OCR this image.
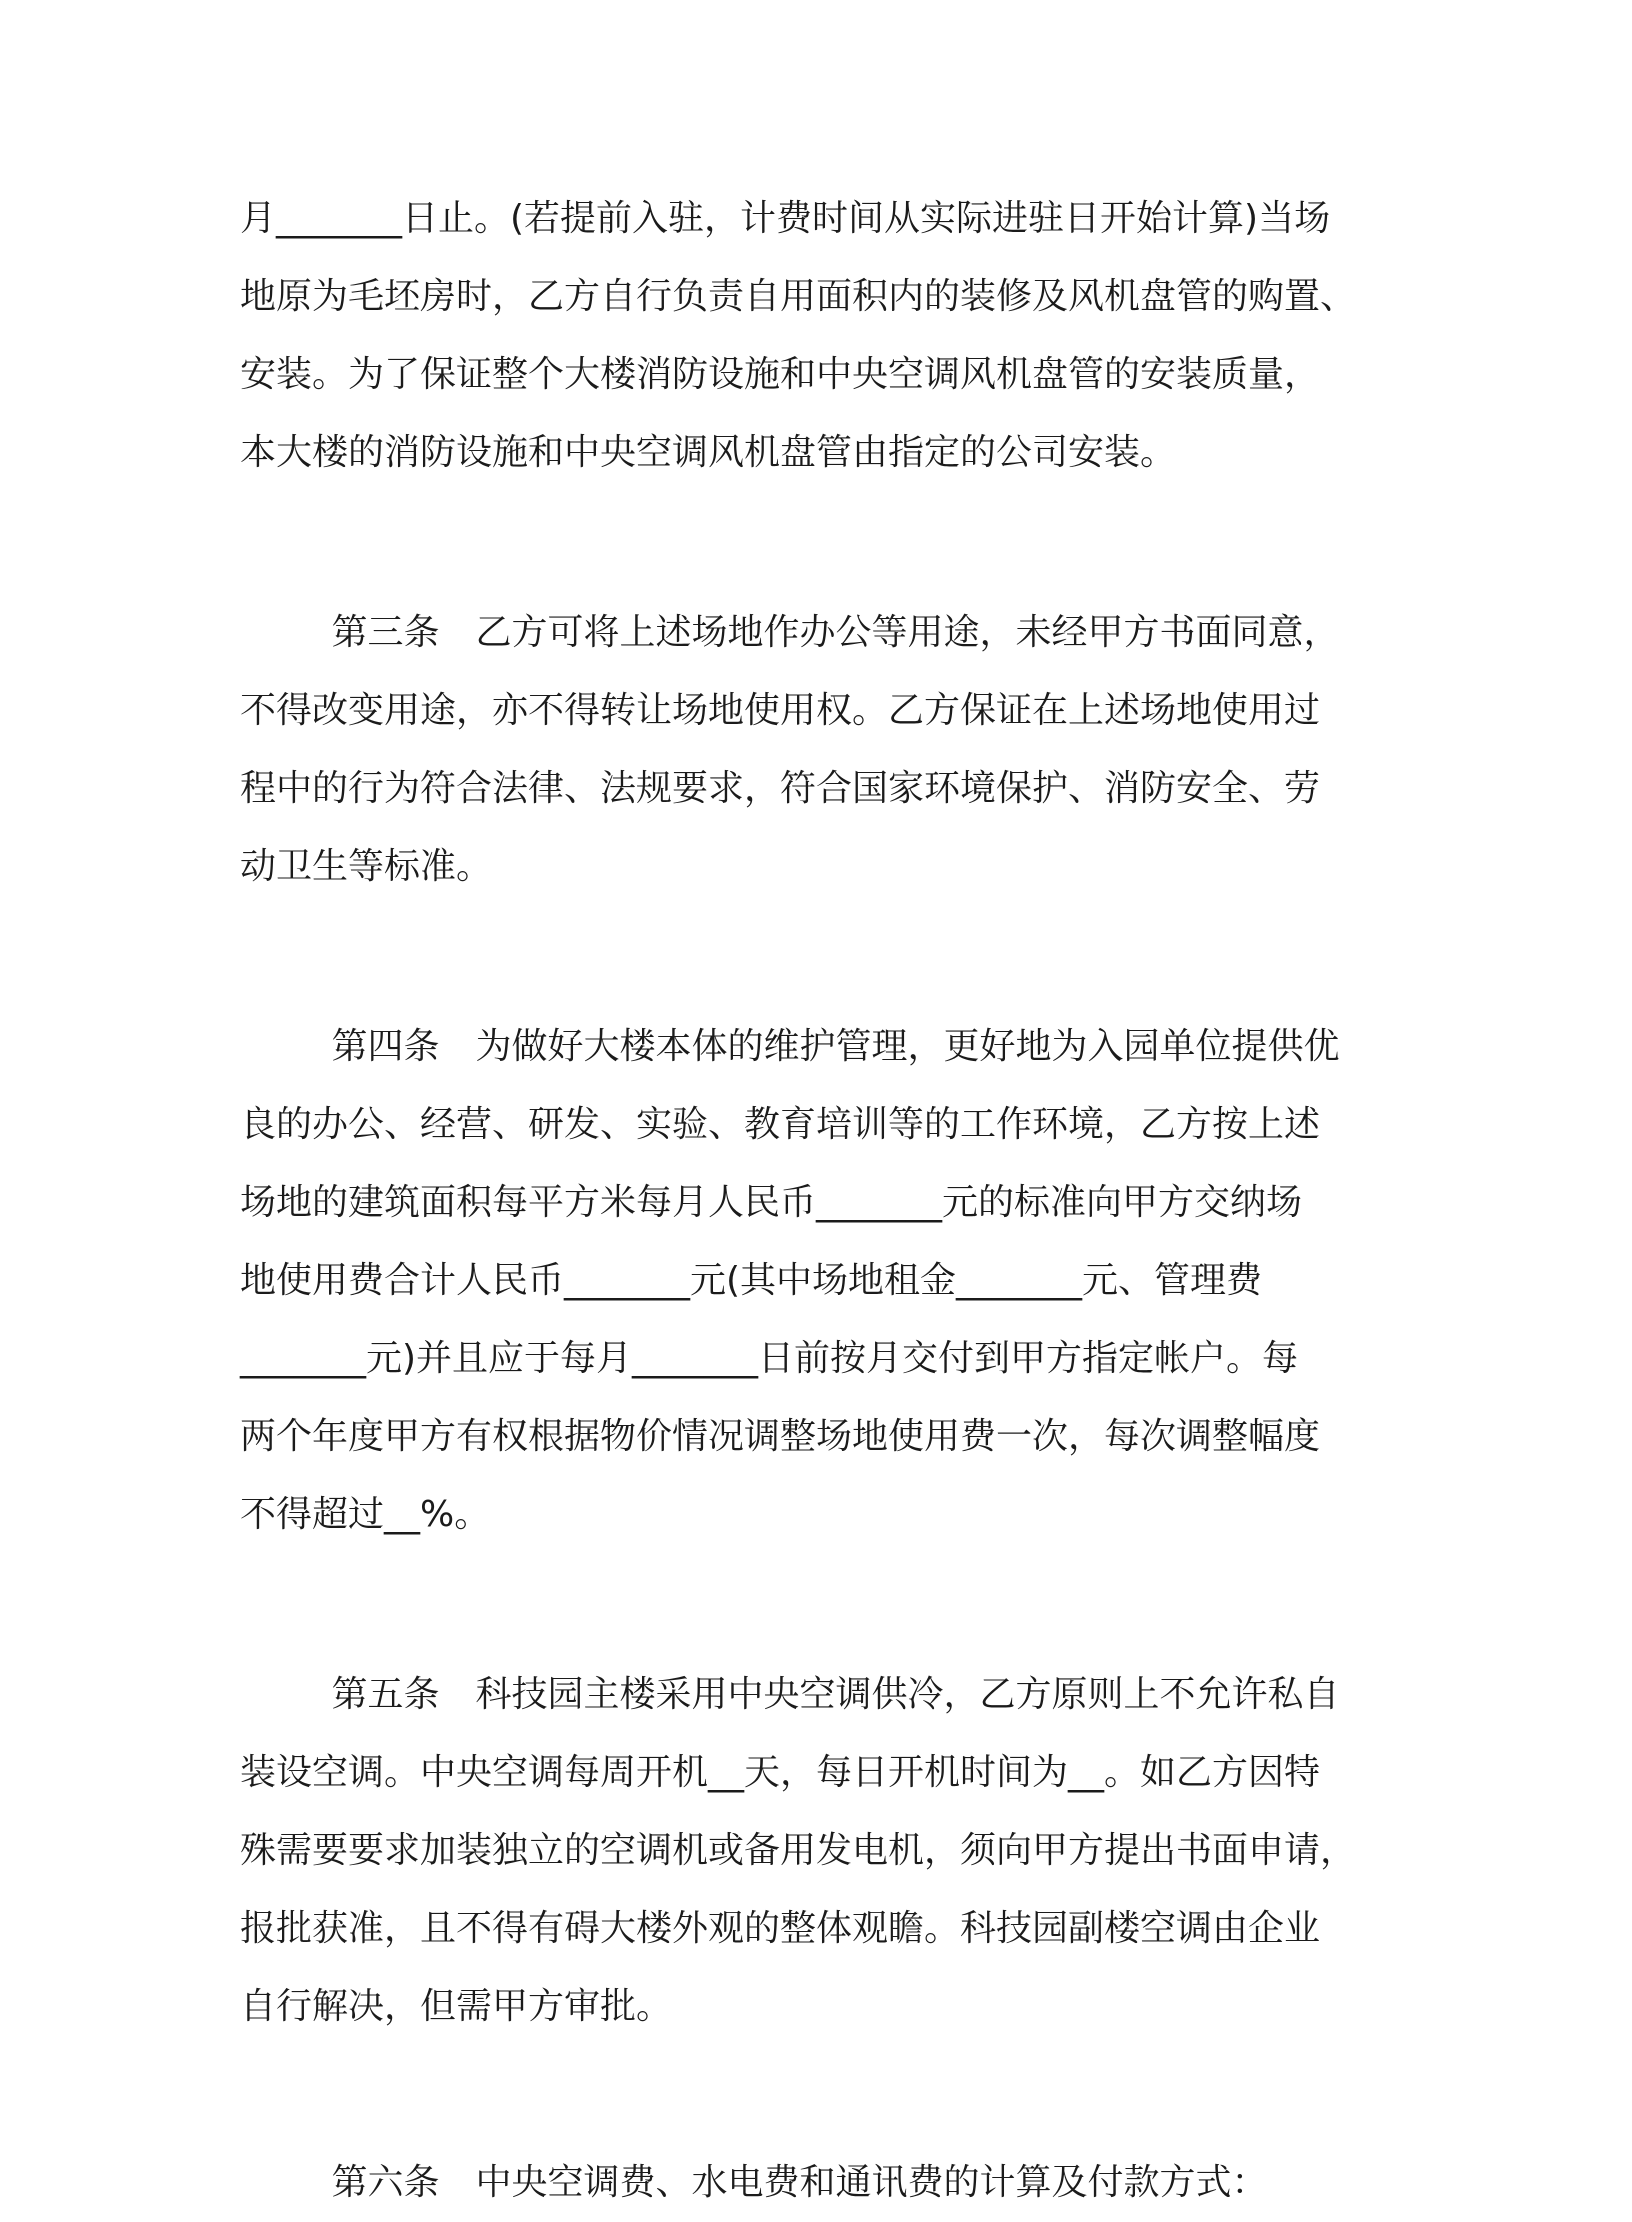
月_______日止。(若提前入驻，计费时间从实际进驻日开始计算)当场
地原为毛坯房时，乙方自行负责自用面积内的装修及风机盘管的购置、
安装。为了保证整个大楼消防设施和中央空调风机盘管的安装质量，
本大楼的消防设施和中央空调风机盘管由指定的公司安装。
第三条　乙方可将上述场地作办公等用途，未经甲方书面同意，
不得改变用途，亦不得转让场地使用权。乙方保证在上述场地使用过
程中的行为符合法律、法规要求，符合国家环境保护、消防安全、劳
动卫生等标准。
第四条　为做好大楼本体的维护管理，更好地为入园单位提供优
良的办公、经营、研发、实验、教育培训等的工作环境，乙方按上述
场地的建筑面积每平方米每月人民币_______元的标准向甲方交纳场
地使用费合计人民币_______元(其中场地租金_______元、管理费
_______元)并且应于每月_______日前按月交付到甲方指定帐户。每
两个年度甲方有权根据物价情况调整场地使用费一次，每次调整幅度
不得超过__%。
第五条　科技园主楼采用中央空调供冷，乙方原则上不允许私自
装设空调。中央空调每周开机__天，每日开机时间为__。如乙方因特
殊需要要求加装独立的空调机或备用发电机，须向甲方提出书面申请，
报批获准，且不得有碍大楼外观的整体观瞻。科技园副楼空调由企业
自行解决，但需甲方审批。
第六条　中央空调费、水电费和通讯费的计算及付款方式：
